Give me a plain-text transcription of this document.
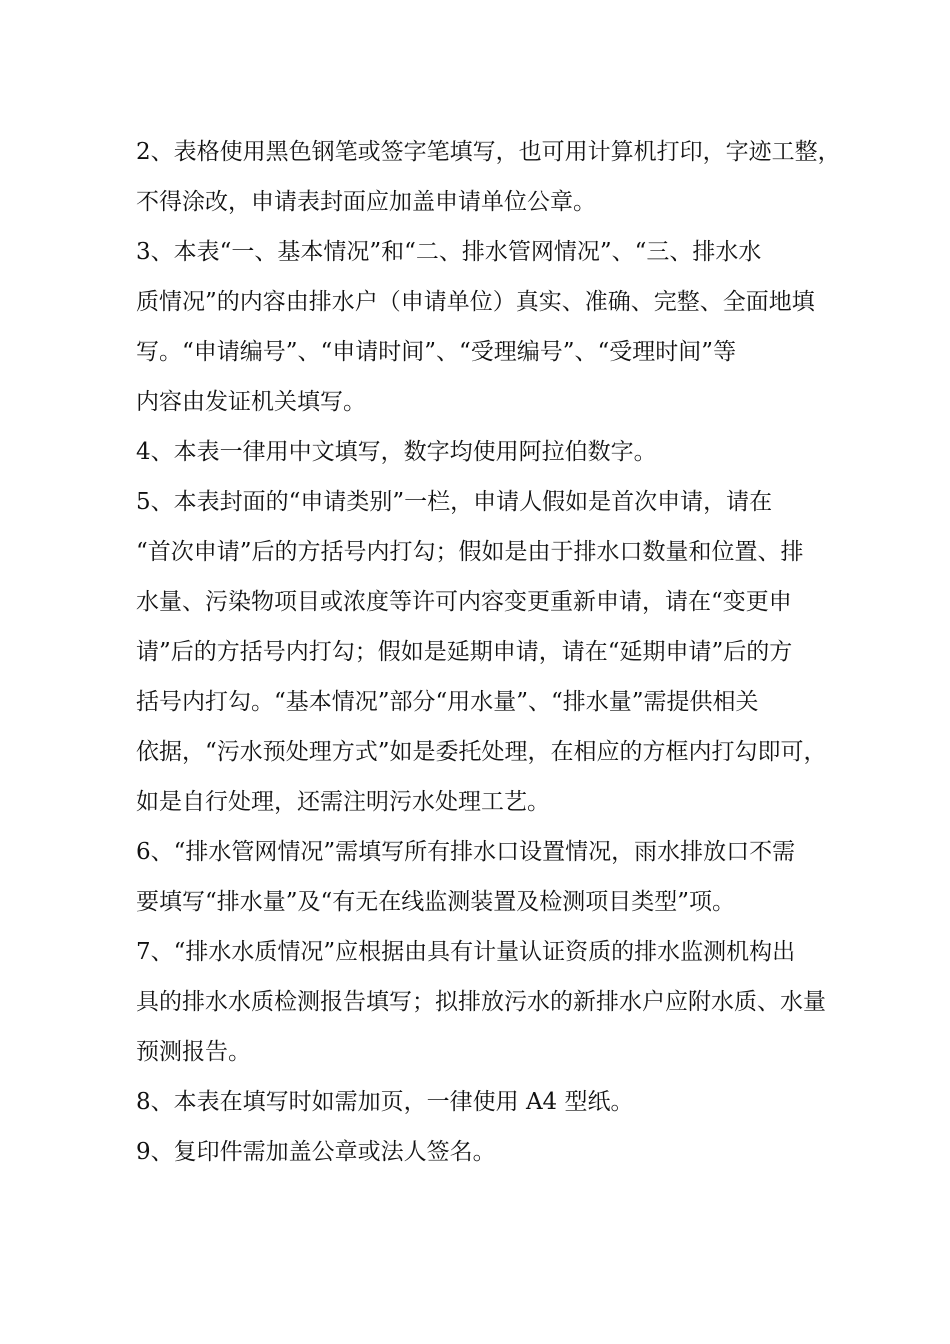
2、表格使用黑色钢笔或签字笔填写，也可用计算机打印，字迹工整，
不得涂改，申请表封面应加盖申请单位公章。
3、本表“一、基本情况”和“二、排水管网情况”、“三、排水水
质情况”的内容由排水户（申请单位）真实、准确、完整、全面地填
写。“申请编号”、“申请时间”、“受理编号”、“受理时间”等
内容由发证机关填写。
4、本表一律用中文填写，数字均使用阿拉伯数字。
5、本表封面的“申请类别”一栏，申请人假如是首次申请，请在
“首次申请”后的方括号内打勾；假如是由于排水口数量和位置、排
水量、污染物项目或浓度等许可内容变更重新申请，请在“变更申
请”后的方括号内打勾；假如是延期申请，请在“延期申请”后的方
括号内打勾。“基本情况”部分“用水量”、“排水量”需提供相关
依据，“污水预处理方式”如是委托处理，在相应的方框内打勾即可，
如是自行处理，还需注明污水处理工艺。
6、“排水管网情况”需填写所有排水口设置情况，雨水排放口不需
要填写“排水量”及“有无在线监测装置及检测项目类型”项。
7、“排水水质情况”应根据由具有计量认证资质的排水监测机构出
具的排水水质检测报告填写；拟排放污水的新排水户应附水质、水量
预测报告。
8、本表在填写时如需加页，一律使用 A4 型纸。
9、复印件需加盖公章或法人签名。
